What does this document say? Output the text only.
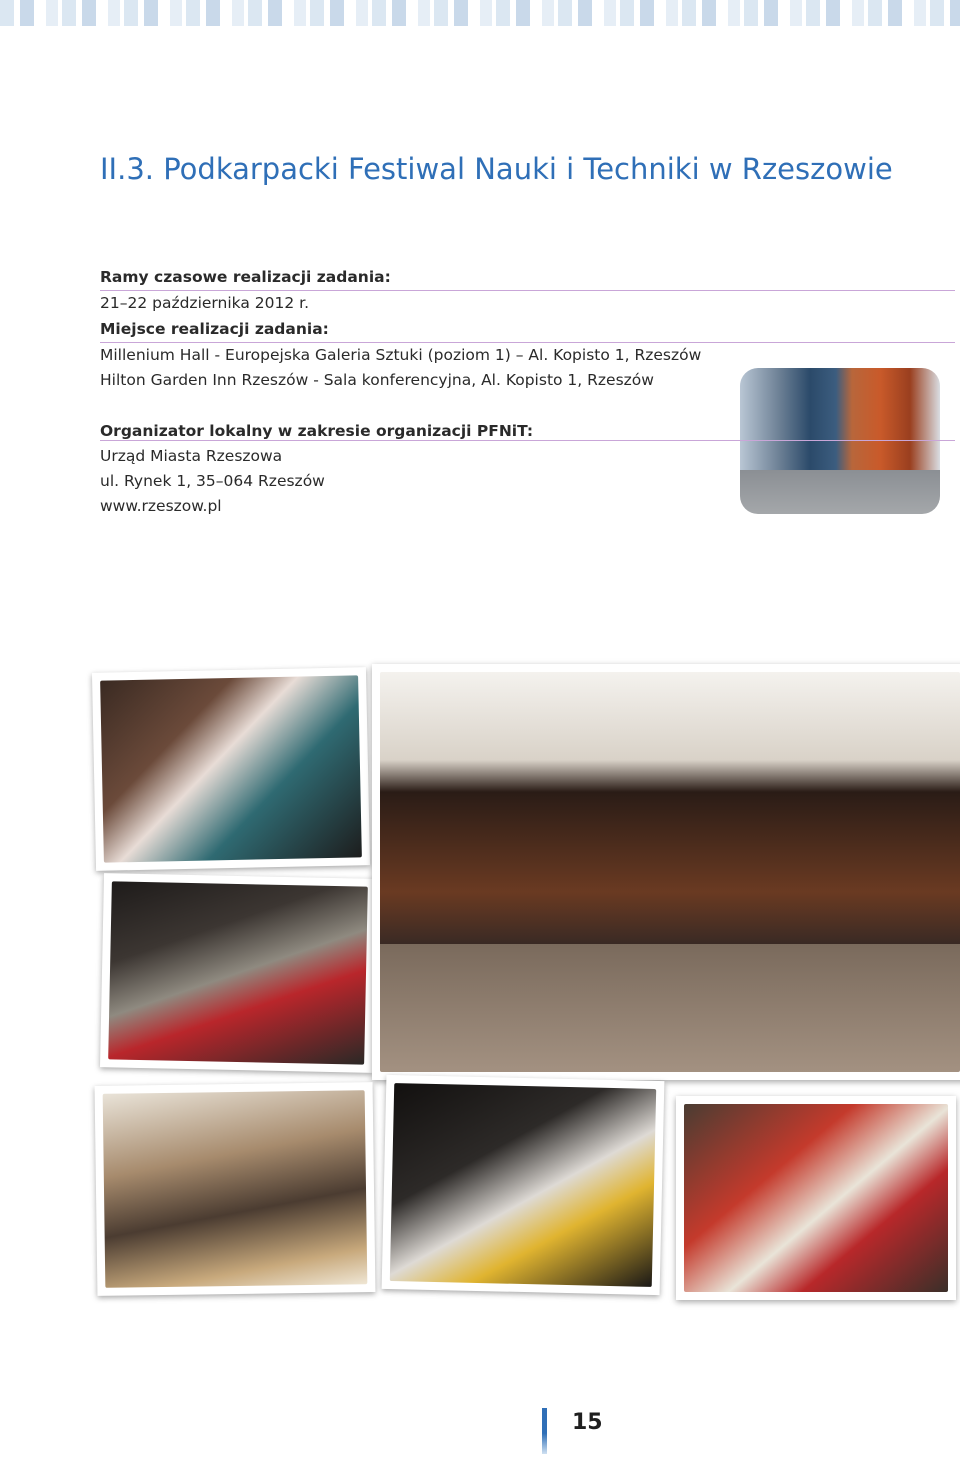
II.3. Podkarpacki Festiwal Nauki i Techniki w Rzeszowie
Ramy czasowe realizacji zadania:
21–22 października 2012 r.
Miejsce realizacji zadania:
Millenium Hall - Europejska Galeria Sztuki (poziom 1) – Al. Kopisto 1, Rzeszów
Hilton Garden Inn Rzeszów - Sala konferencyjna, Al. Kopisto 1, Rzeszów
Organizator lokalny w zakresie organizacji PFNiT:
Urząd Miasta Rzeszowa
ul. Rynek 1, 35–064 Rzeszów
www.rzeszow.pl
15
